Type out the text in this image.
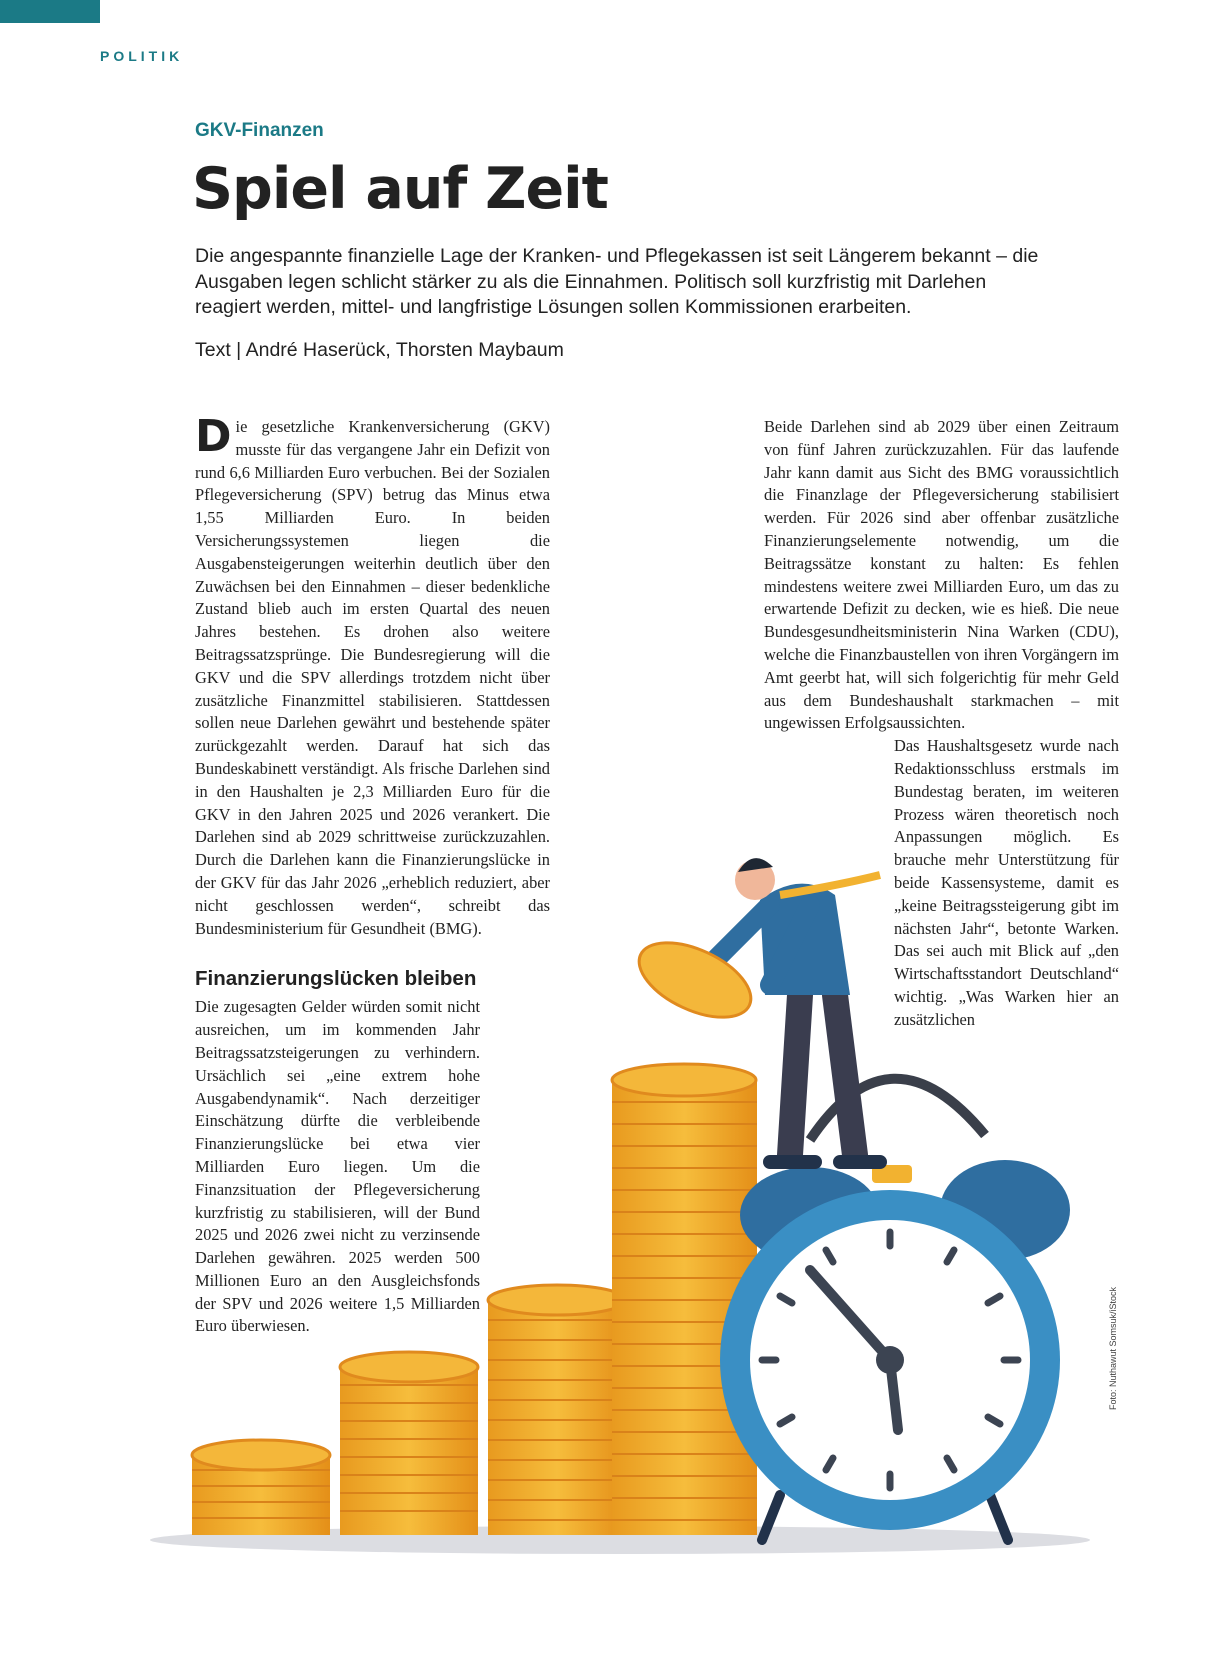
POLITIK
GKV-Finanzen
Spiel auf Zeit

Die angespannte finanzielle Lage der Kranken- und Pflegekassen ist seit Längerem bekannt – die Ausgaben legen schlicht stärker zu als die Einnahmen. Politisch soll kurzfristig mit Darlehen reagiert werden, mittel- und langfristige Lösungen sollen Kommissionen erarbeiten.

Text | André Haserück, Thorsten Maybaum

Die gesetzliche Krankenversicherung (GKV) musste für das vergangene Jahr ein Defizit von rund 6,6 Milliarden Euro verbuchen. Bei der Sozialen Pflegeversicherung (SPV) betrug das Minus etwa 1,55 Milliarden Euro. In beiden Versicherungssystemen liegen die Ausgabensteigerungen weiterhin deutlich über den Zuwächsen bei den Einnahmen – dieser bedenkliche Zustand blieb auch im ersten Quartal des neuen Jahres bestehen. Es drohen also weitere Beitragssatzsprünge. Die Bundesregierung will die GKV und die SPV allerdings trotzdem nicht über zusätzliche Finanzmittel stabilisieren. Stattdessen sollen neue Darlehen gewährt und bestehende später zurückgezahlt werden. Darauf hat sich das Bundeskabinett verständigt. Als frische Darlehen sind in den Haushalten je 2,3 Milliarden Euro für die GKV in den Jahren 2025 und 2026 verankert. Die Darlehen sind ab 2029 schrittweise zurückzuzahlen. Durch die Darlehen kann die Finanzierungslücke in der GKV für das Jahr 2026 „erheblich reduziert, aber nicht geschlossen werden“, schreibt das Bundesministerium für Gesundheit (BMG).

Finanzierungslücken bleiben

Die zugesagten Gelder würden somit nicht ausreichen, um im kommenden Jahr Beitragssatzsteigerungen zu verhindern. Ursächlich sei „eine extrem hohe Ausgabendynamik“. Nach derzeitiger Einschätzung dürfte die verbleibende Finanzierungslücke bei etwa vier Milliarden Euro liegen. Um die Finanzsituation der Pflegeversicherung kurzfristig zu stabilisieren, will der Bund 2025 und 2026 zwei nicht zu verzinsende Darlehen gewähren. 2025 werden 500 Millionen Euro an den Ausgleichsfonds der SPV und 2026 weitere 1,5 Milliarden Euro überwiesen.

Beide Darlehen sind ab 2029 über einen Zeitraum von fünf Jahren zurückzuzahlen. Für das laufende Jahr kann damit aus Sicht des BMG voraussichtlich die Finanzlage der Pflegeversicherung stabilisiert werden. Für 2026 sind aber offenbar zusätzliche Finanzierungselemente notwendig, um die Beitragssätze konstant zu halten: Es fehlen mindestens weitere zwei Milliarden Euro, um das zu erwartende Defizit zu decken, wie es hieß. Die neue Bundesgesundheitsministerin Nina Warken (CDU), welche die Finanzbaustellen von ihren Vorgängern im Amt geerbt hat, will sich folgerichtig für mehr Geld aus dem Bundeshaushalt starkmachen – mit ungewissen Erfolgsaussichten.

Das Haushaltsgesetz wurde nach Redaktionsschluss erstmals im Bundestag beraten, im weiteren Prozess wären theoretisch noch Anpassungen möglich. Es brauche mehr Unterstützung für beide Kassensysteme, damit es „keine Beitragssteigerung gibt im nächsten Jahr“, betonte Warken. Das sei auch mit Blick auf „den Wirtschaftsstandort Deutschland“ wichtig. „Was Warken hier an zusätzlichen

Foto: Nuthawut Somsuk/iStock
